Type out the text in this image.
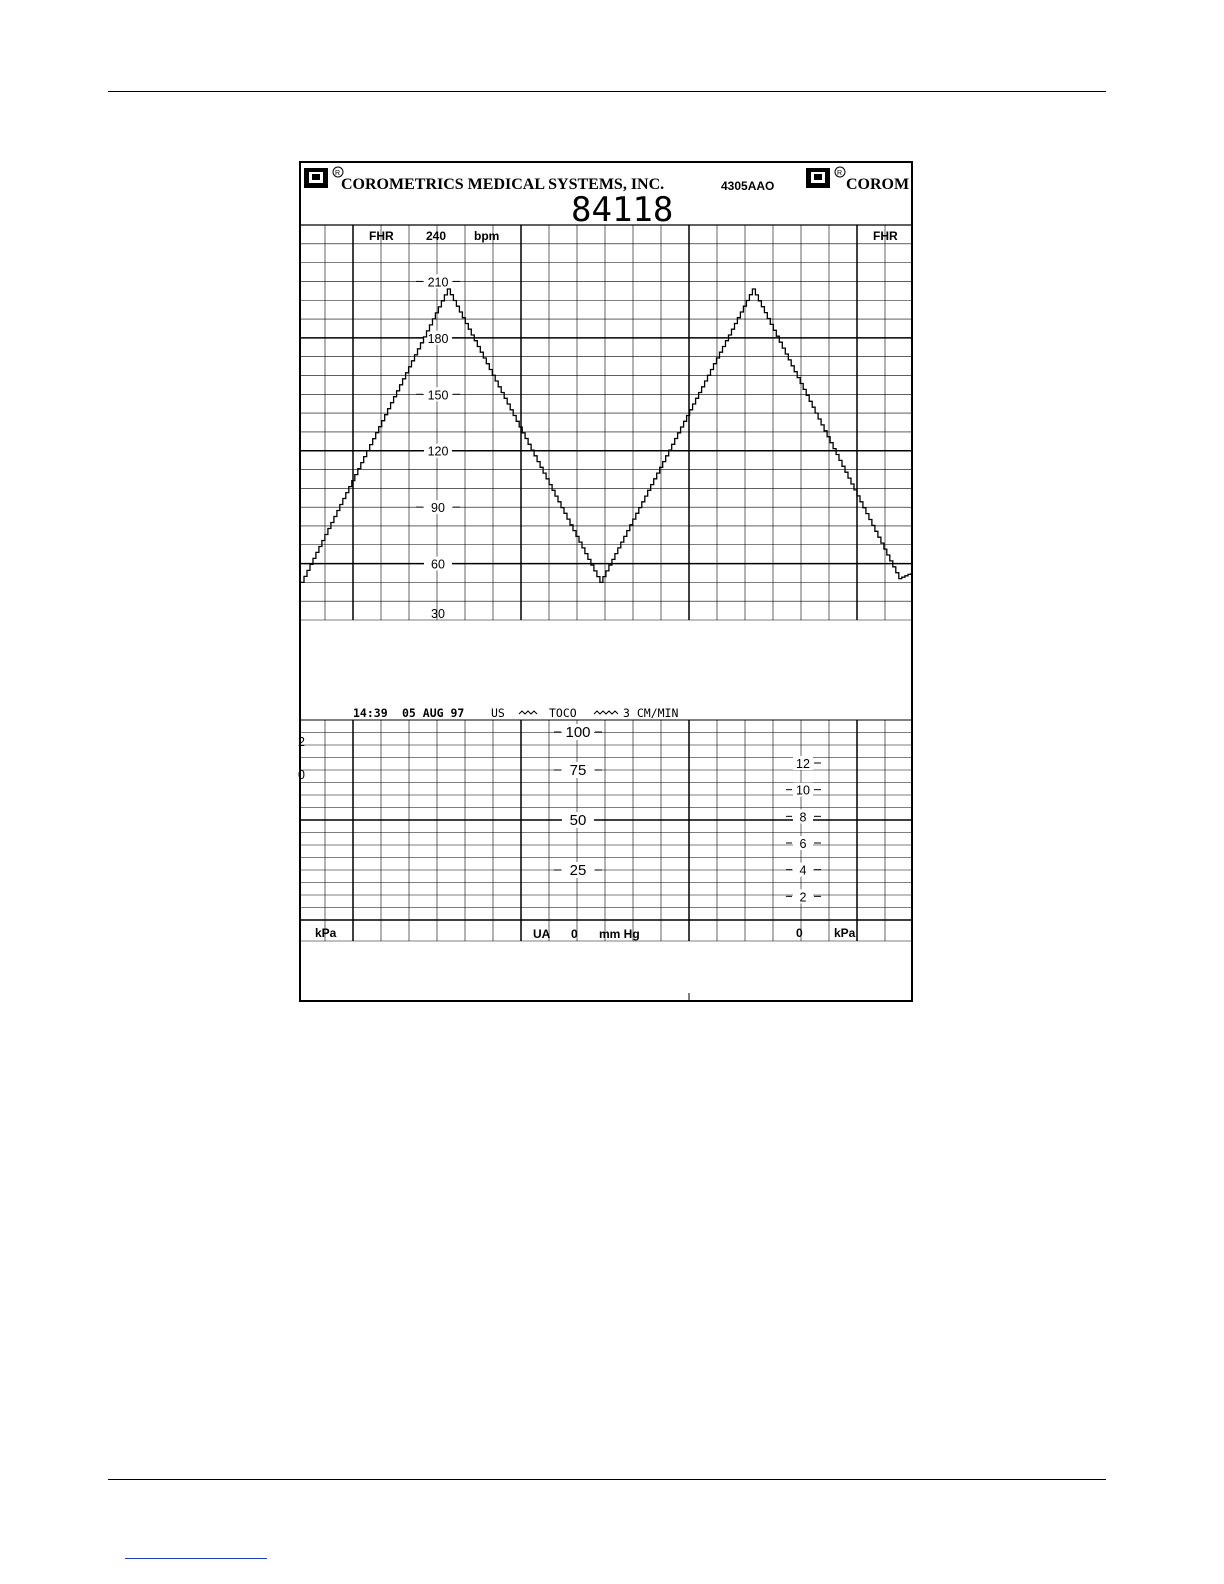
R
COROMETRICS MEDICAL SYSTEMS, INC.	4305AAO
R
COROM
84118
FHR	240 bpm	FHR
210
180
150
120
90
60
30
14:39 05 AUG 97 US	TOCO	3 CM/MIN
100
75
50
25
12
10
8
6
4
2
kPa	UA 0 mm Hg	0	kPa
2
0
